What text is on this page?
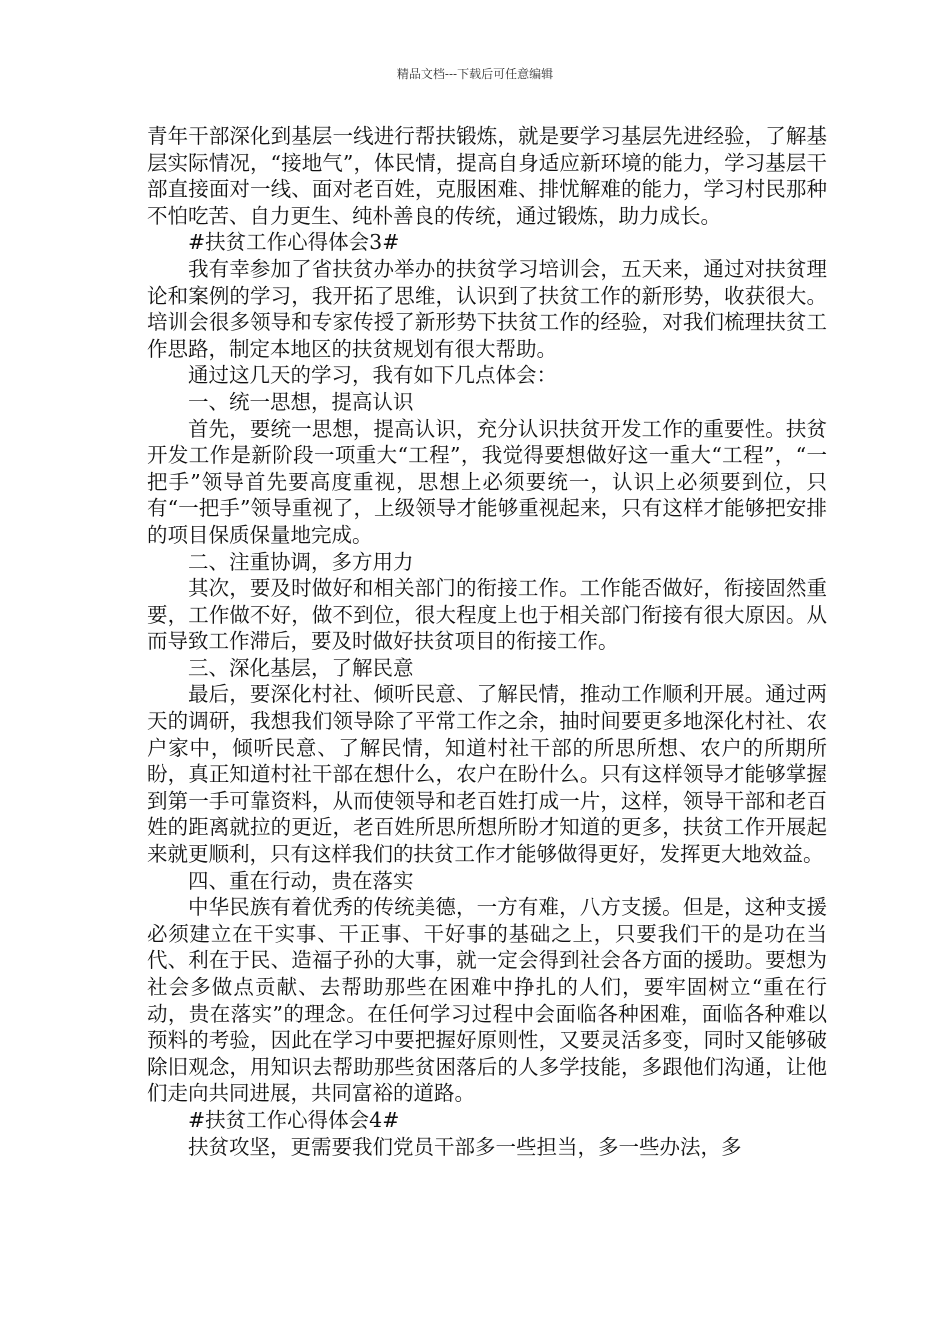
精品文档---下载后可任意编辑

青年干部深化到基层一线进行帮扶锻炼，就是要学习基层先进经验，了解基层实际情况，“接地气”，体民情，提高自身适应新环境的能力，学习基层干部直接面对一线、面对老百姓，克服困难、排忧解难的能力，学习村民那种不怕吃苦、自力更生、纯朴善良的传统，通过锻炼，助力成长。

#扶贫工作心得体会3#

我有幸参加了省扶贫办举办的扶贫学习培训会，五天来，通过对扶贫理论和案例的学习，我开拓了思维，认识到了扶贫工作的新形势，收获很大。培训会很多领导和专家传授了新形势下扶贫工作的经验，对我们梳理扶贫工作思路，制定本地区的扶贫规划有很大帮助。

通过这几天的学习，我有如下几点体会：

一、统一思想，提高认识

首先，要统一思想，提高认识，充分认识扶贫开发工作的重要性。扶贫开发工作是新阶段一项重大“工程”，我觉得要想做好这一重大“工程”，“一把手”领导首先要高度重视，思想上必须要统一，认识上必须要到位，只有“一把手”领导重视了，上级领导才能够重视起来，只有这样才能够把安排的项目保质保量地完成。

二、注重协调，多方用力

其次，要及时做好和相关部门的衔接工作。工作能否做好，衔接固然重要，工作做不好，做不到位，很大程度上也于相关部门衔接有很大原因。从而导致工作滞后，要及时做好扶贫项目的衔接工作。

三、深化基层，了解民意

最后，要深化村社、倾听民意、了解民情，推动工作顺利开展。通过两天的调研，我想我们领导除了平常工作之余，抽时间要更多地深化村社、农户家中，倾听民意、了解民情，知道村社干部的所思所想、农户的所期所盼，真正知道村社干部在想什么，农户在盼什么。只有这样领导才能够掌握到第一手可靠资料，从而使领导和老百姓打成一片，这样，领导干部和老百姓的距离就拉的更近，老百姓所思所想所盼才知道的更多，扶贫工作开展起来就更顺利，只有这样我们的扶贫工作才能够做得更好，发挥更大地效益。

四、重在行动，贵在落实

中华民族有着优秀的传统美德，一方有难，八方支援。但是，这种支援必须建立在干实事、干正事、干好事的基础之上，只要我们干的是功在当代、利在于民、造福子孙的大事，就一定会得到社会各方面的援助。要想为社会多做点贡献、去帮助那些在困难中挣扎的人们，要牢固树立“重在行动，贵在落实”的理念。在任何学习过程中会面临各种困难，面临各种难以预料的考验，因此在学习中要把握好原则性，又要灵活多变，同时又能够破除旧观念，用知识去帮助那些贫困落后的人多学技能，多跟他们沟通，让他们走向共同进展，共同富裕的道路。

#扶贫工作心得体会4#

扶贫攻坚，更需要我们党员干部多一些担当，多一些办法，多
